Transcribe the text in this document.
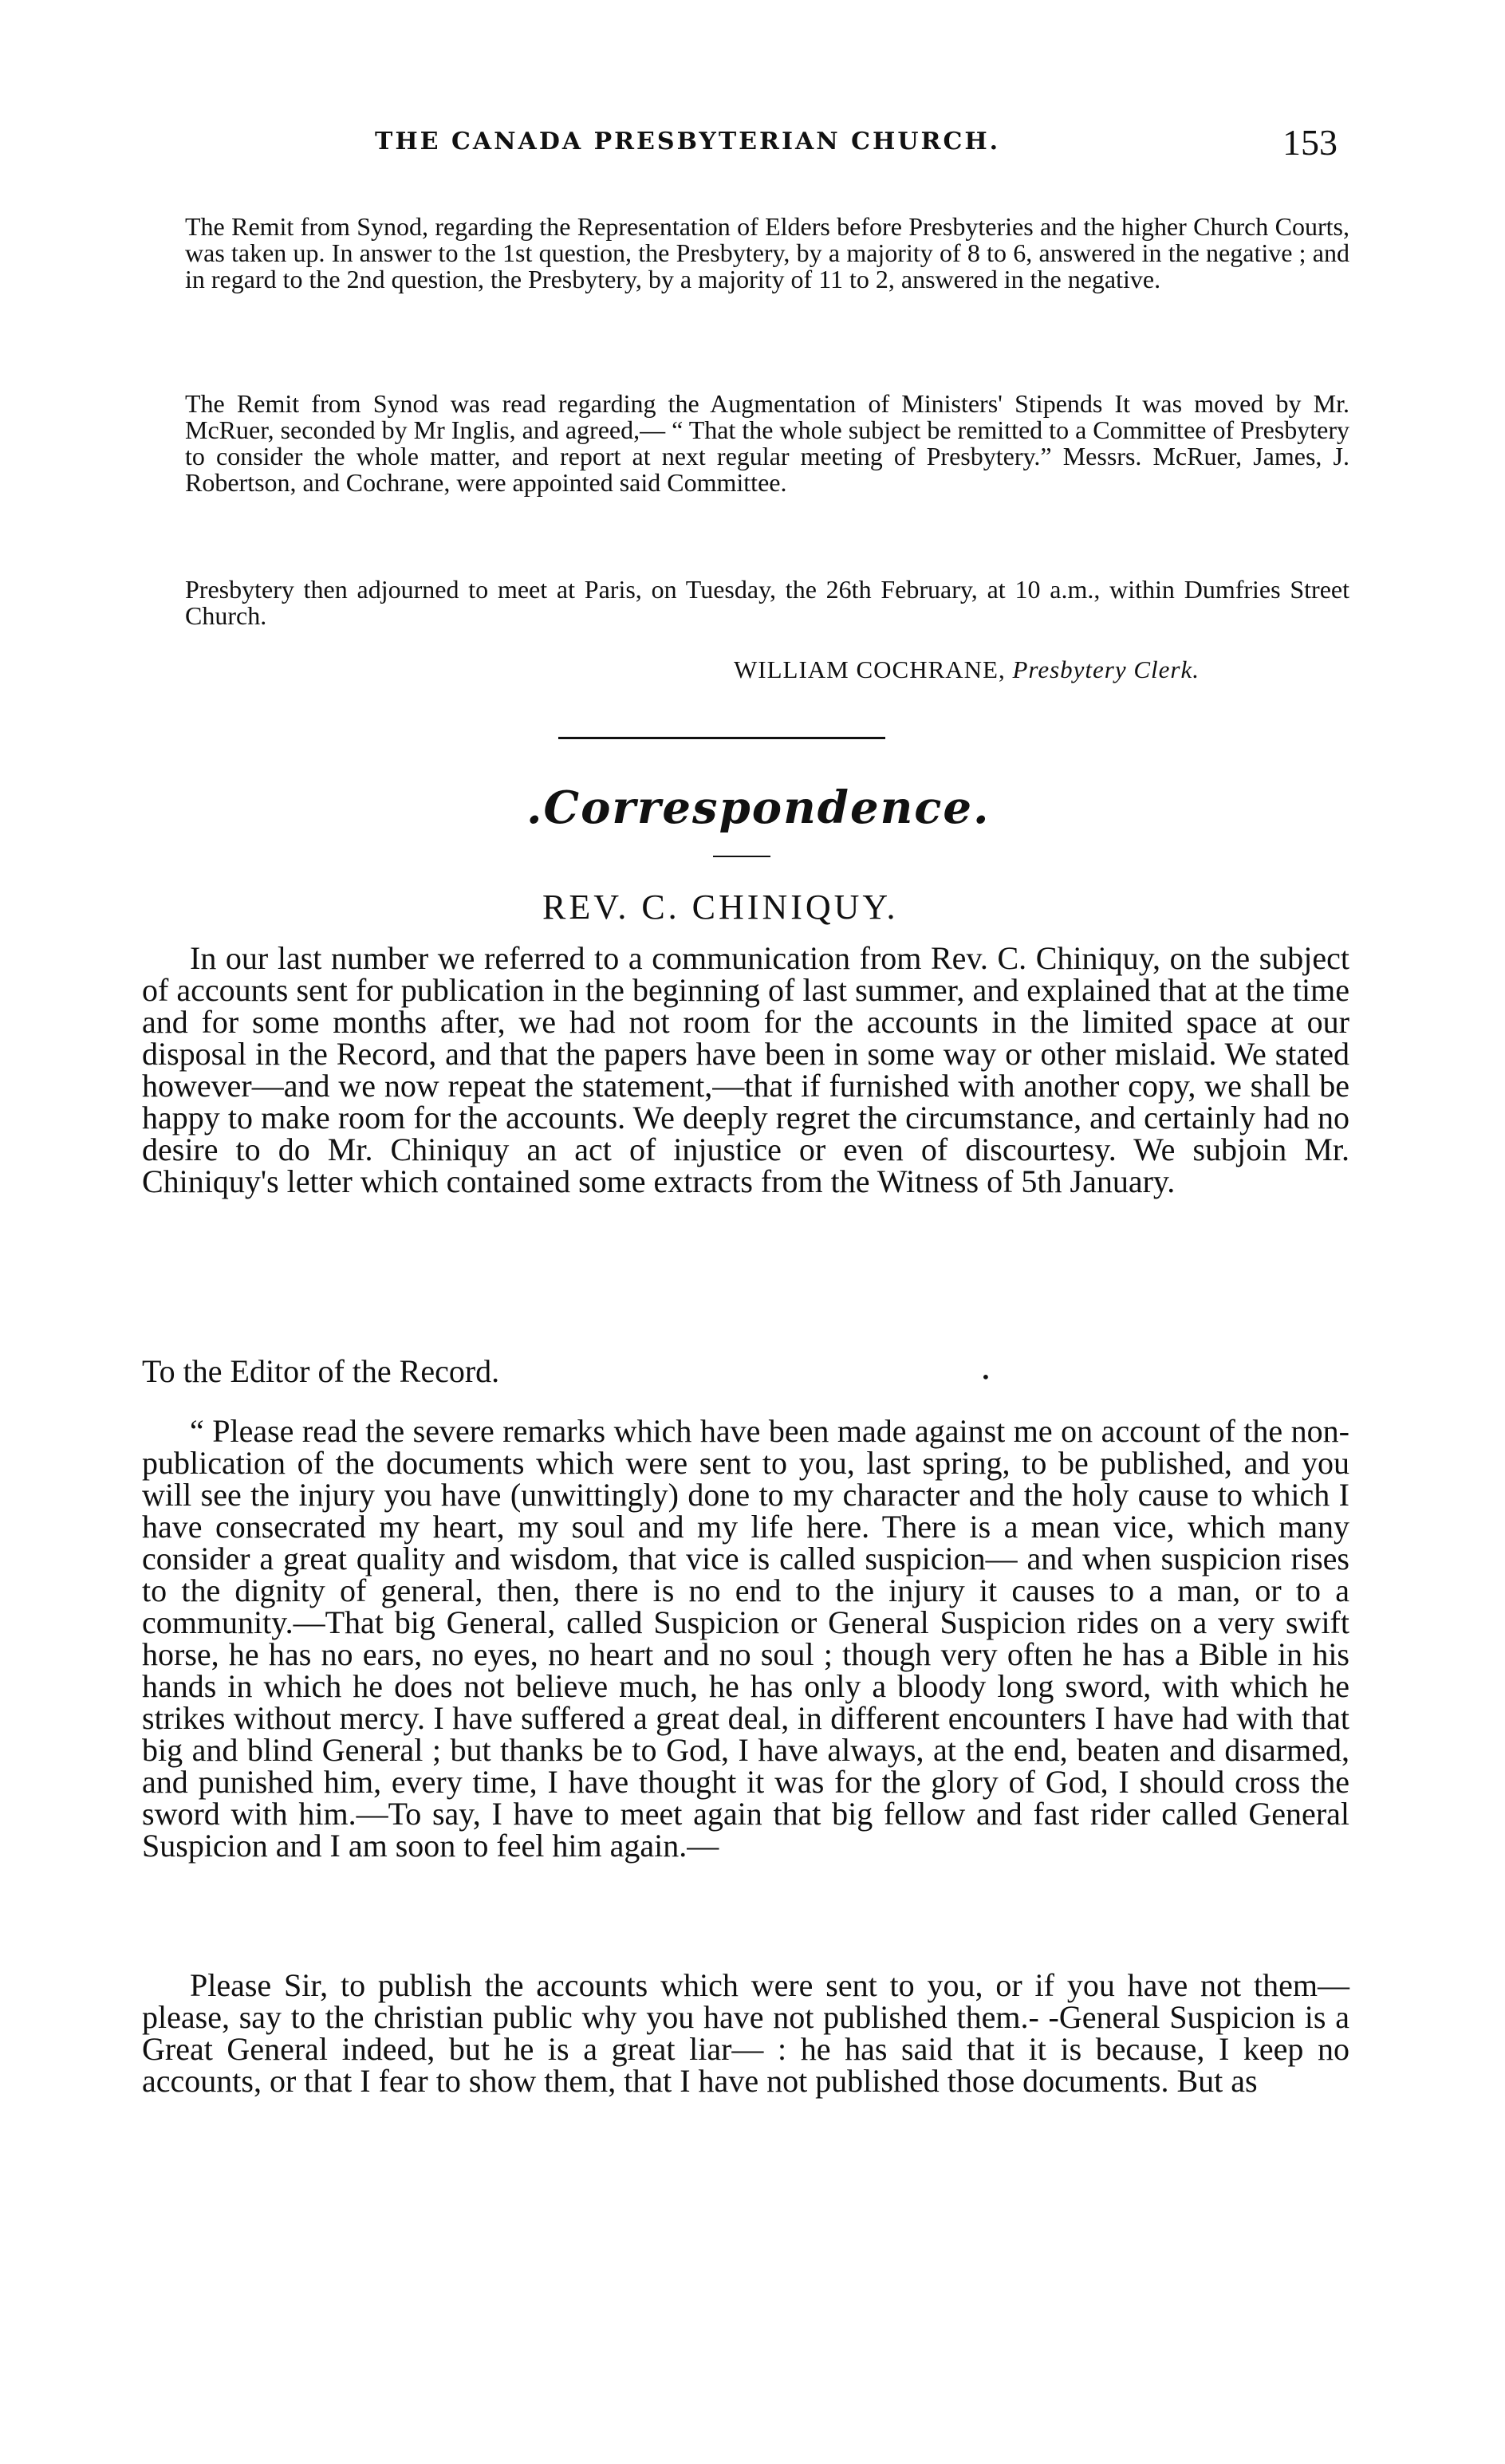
THE CANADA PRESBYTERIAN CHURCH.	153

The Remit from Synod, regarding the Representation of Elders before Presbyteries and the higher Church Courts, was taken up. In answer to the 1st question, the Presbytery, by a majority of 8 to 6, answered in the negative ; and in regard to the 2nd question, the Presbytery, by a majority of 11 to 2, answered in the negative.

The Remit from Synod was read regarding the Augmentation of Ministers' Stipends It was moved by Mr. McRuer, seconded by Mr Inglis, and agreed,— “ That the whole subject be remitted to a Committee of Presbytery to consider the whole matter, and report at next regular meeting of Presbytery.” Messrs. McRuer, James, J. Robertson, and Cochrane, were appointed said Committee.

Presbytery then adjourned to meet at Paris, on Tuesday, the 26th February, at 10 a.m., within Dumfries Street Church.

WILLIAM COCHRANE, Presbytery Clerk.
.Correspondence.
REV. C. CHINIQUY.

In our last number we referred to a communication from Rev. C. Chiniquy, on the subject of accounts sent for publication in the beginning of last summer, and explained that at the time and for some months after, we had not room for the accounts in the limited space at our disposal in the Record, and that the papers have been in some way or other mislaid. We stated however—and we now repeat the statement,—that if furnished with another copy, we shall be happy to make room for the accounts. We deeply regret the circumstance, and certainly had no desire to do Mr. Chiniquy an act of injustice or even of discourtesy. We subjoin Mr. Chiniquy's letter which contained some extracts from the Witness of 5th January.

To the Editor of the Record.	•

“ Please read the severe remarks which have been made against me on account of the non-publication of the documents which were sent to you, last spring, to be published, and you will see the injury you have (unwittingly) done to my character and the holy cause to which I have consecrated my heart, my soul and my life here. There is a mean vice, which many consider a great quality and wisdom, that vice is called suspicion— and when suspicion rises to the dignity of general, then, there is no end to the injury it causes to a man, or to a community.—That big General, called Suspicion or General Suspicion rides on a very swift horse, he has no ears, no eyes, no heart and no soul ; though very often he has a Bible in his hands in which he does not believe much, he has only a bloody long sword, with which he strikes without mercy. I have suffered a great deal, in different encounters I have had with that big and blind General ; but thanks be to God, I have always, at the end, beaten and disarmed, and punished him, every time, I have thought it was for the glory of God, I should cross the sword with him.—To say, I have to meet again that big fellow and fast rider called General Suspicion and I am soon to feel him again.—

Please Sir, to publish the accounts which were sent to you, or if you have not them—please, say to the christian public why you have not published them.- -General Suspicion is a Great General indeed, but he is a great liar— : he has said that it is because, I keep no accounts, or that I fear to show them, that I have not published those documents. But as
